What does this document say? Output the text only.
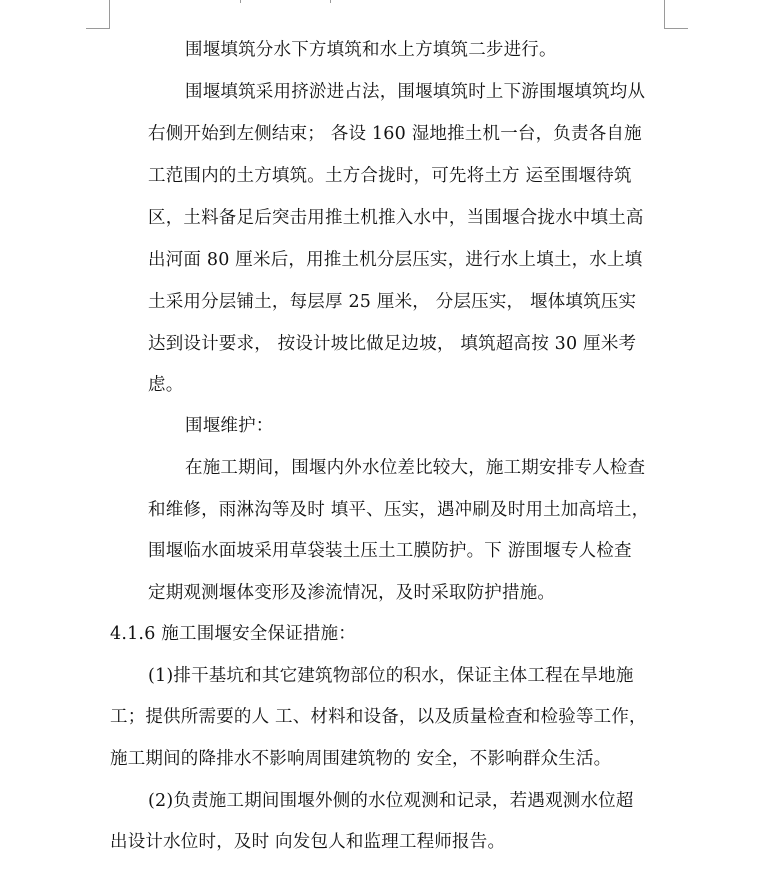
围堰填筑分水下方填筑和水上方填筑二步进行。
围堰填筑采用挤淤进占法，围堰填筑时上下游围堰填筑均从
右侧开始到左侧结束； 各设 160 湿地推土机一台，负责各自施
工范围内的土方填筑。土方合拢时，可先将土方 运至围堰待筑
区，土料备足后突击用推土机推入水中，当围堰合拢水中填土高
出河面 80 厘米后，用推土机分层压实，进行水上填土，水上填
土采用分层铺土，每层厚 25 厘米， 分层压实， 堰体填筑压实
达到设计要求， 按设计坡比做足边坡， 填筑超高按 30 厘米考
虑。
围堰维护：
在施工期间，围堰内外水位差比较大，施工期安排专人检查
和维修，雨淋沟等及时 填平、压实，遇冲刷及时用土加高培土，
围堰临水面坡采用草袋装土压土工膜防护。下 游围堰专人检查
定期观测堰体变形及渗流情况，及时采取防护措施。
4.1.6 施工围堰安全保证措施：
(1)排干基坑和其它建筑物部位的积水，保证主体工程在旱地施
工；提供所需要的人 工、材料和设备，以及质量检查和检验等工作，
施工期间的降排水不影响周围建筑物的 安全，不影响群众生活。
(2)负责施工期间围堰外侧的水位观测和记录，若遇观测水位超
出设计水位时，及时 向发包人和监理工程师报告。
